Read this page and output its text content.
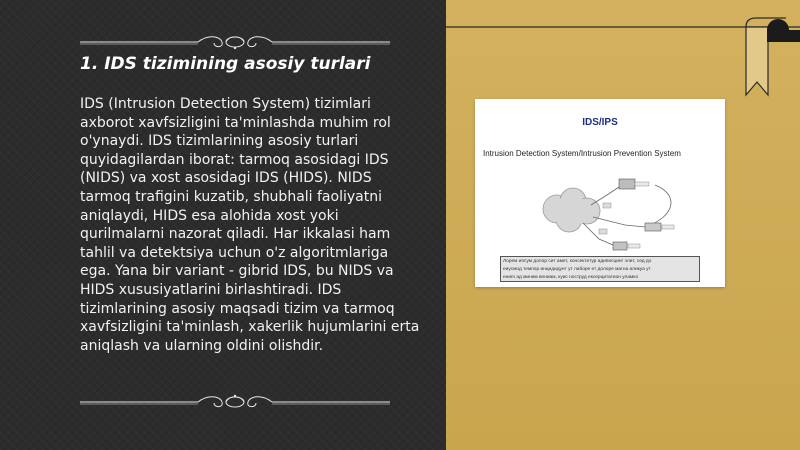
1. IDS tizimining asosiy turlari

IDS (Intrusion Detection System) tizimlari axborot xavfsizligini ta'minlashda muhim rol o'ynaydi. IDS tizimlarining asosiy turlari quyidagilardan iborat: tarmoq asosidagi IDS (NIDS) va xost asosidagi IDS (HIDS). NIDS tarmoq trafigini kuzatib, shubhali faoliyatni aniqlaydi, HIDS esa alohida xost yoki qurilmalarni nazorat qiladi. Har ikkalasi ham tahlil va detektsiya uchun o'z algoritmlariga ega. Yana bir variant - gibrid IDS, bu NIDS va HIDS xususiyatlarini birlashtiradi. IDS tizimlarining asosiy maqsadi tizim va tarmoq xavfsizligini ta'minlash, xakerlik hujumlarini erta aniqlash va ularning oldini olishdir.

IDS/IPS
Intrusion Detection System/Intrusion Prevention System
Лорем ипсум долор сит амет, консектетур адиписцинг элит, сед до
еиусмод темпор инцидидунт ут лаборе ет долоре магна аликуа ут
ениm ад миним вениам, куис ноструд ексерцитатион уламко
